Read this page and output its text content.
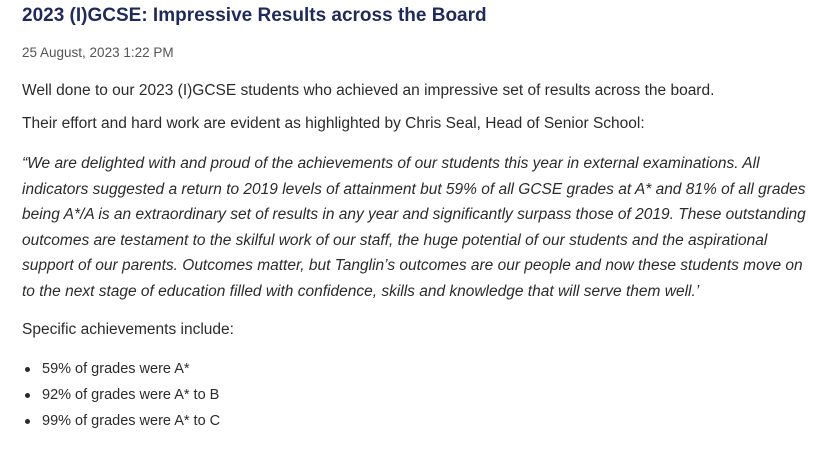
2023 (I)GCSE: Impressive Results across the Board
25 August, 2023 1:22 PM

Well done to our 2023 (I)GCSE students who achieved an impressive set of results across the board.

Their effort and hard work are evident as highlighted by Chris Seal, Head of Senior School:

“We are delighted with and proud of the achievements of our students this year in external examinations. All indicators suggested a return to 2019 levels of attainment but 59% of all GCSE grades at A* and 81% of all grades being A*/A is an extraordinary set of results in any year and significantly surpass those of 2019. These outstanding outcomes are testament to the skilful work of our staff, the huge potential of our students and the aspirational support of our parents. Outcomes matter, but Tanglin’s outcomes are our people and now these students move on to the next stage of education filled with confidence, skills and knowledge that will serve them well.’

Specific achievements include:

59% of grades were A*
92% of grades were A* to B
99% of grades were A* to C
